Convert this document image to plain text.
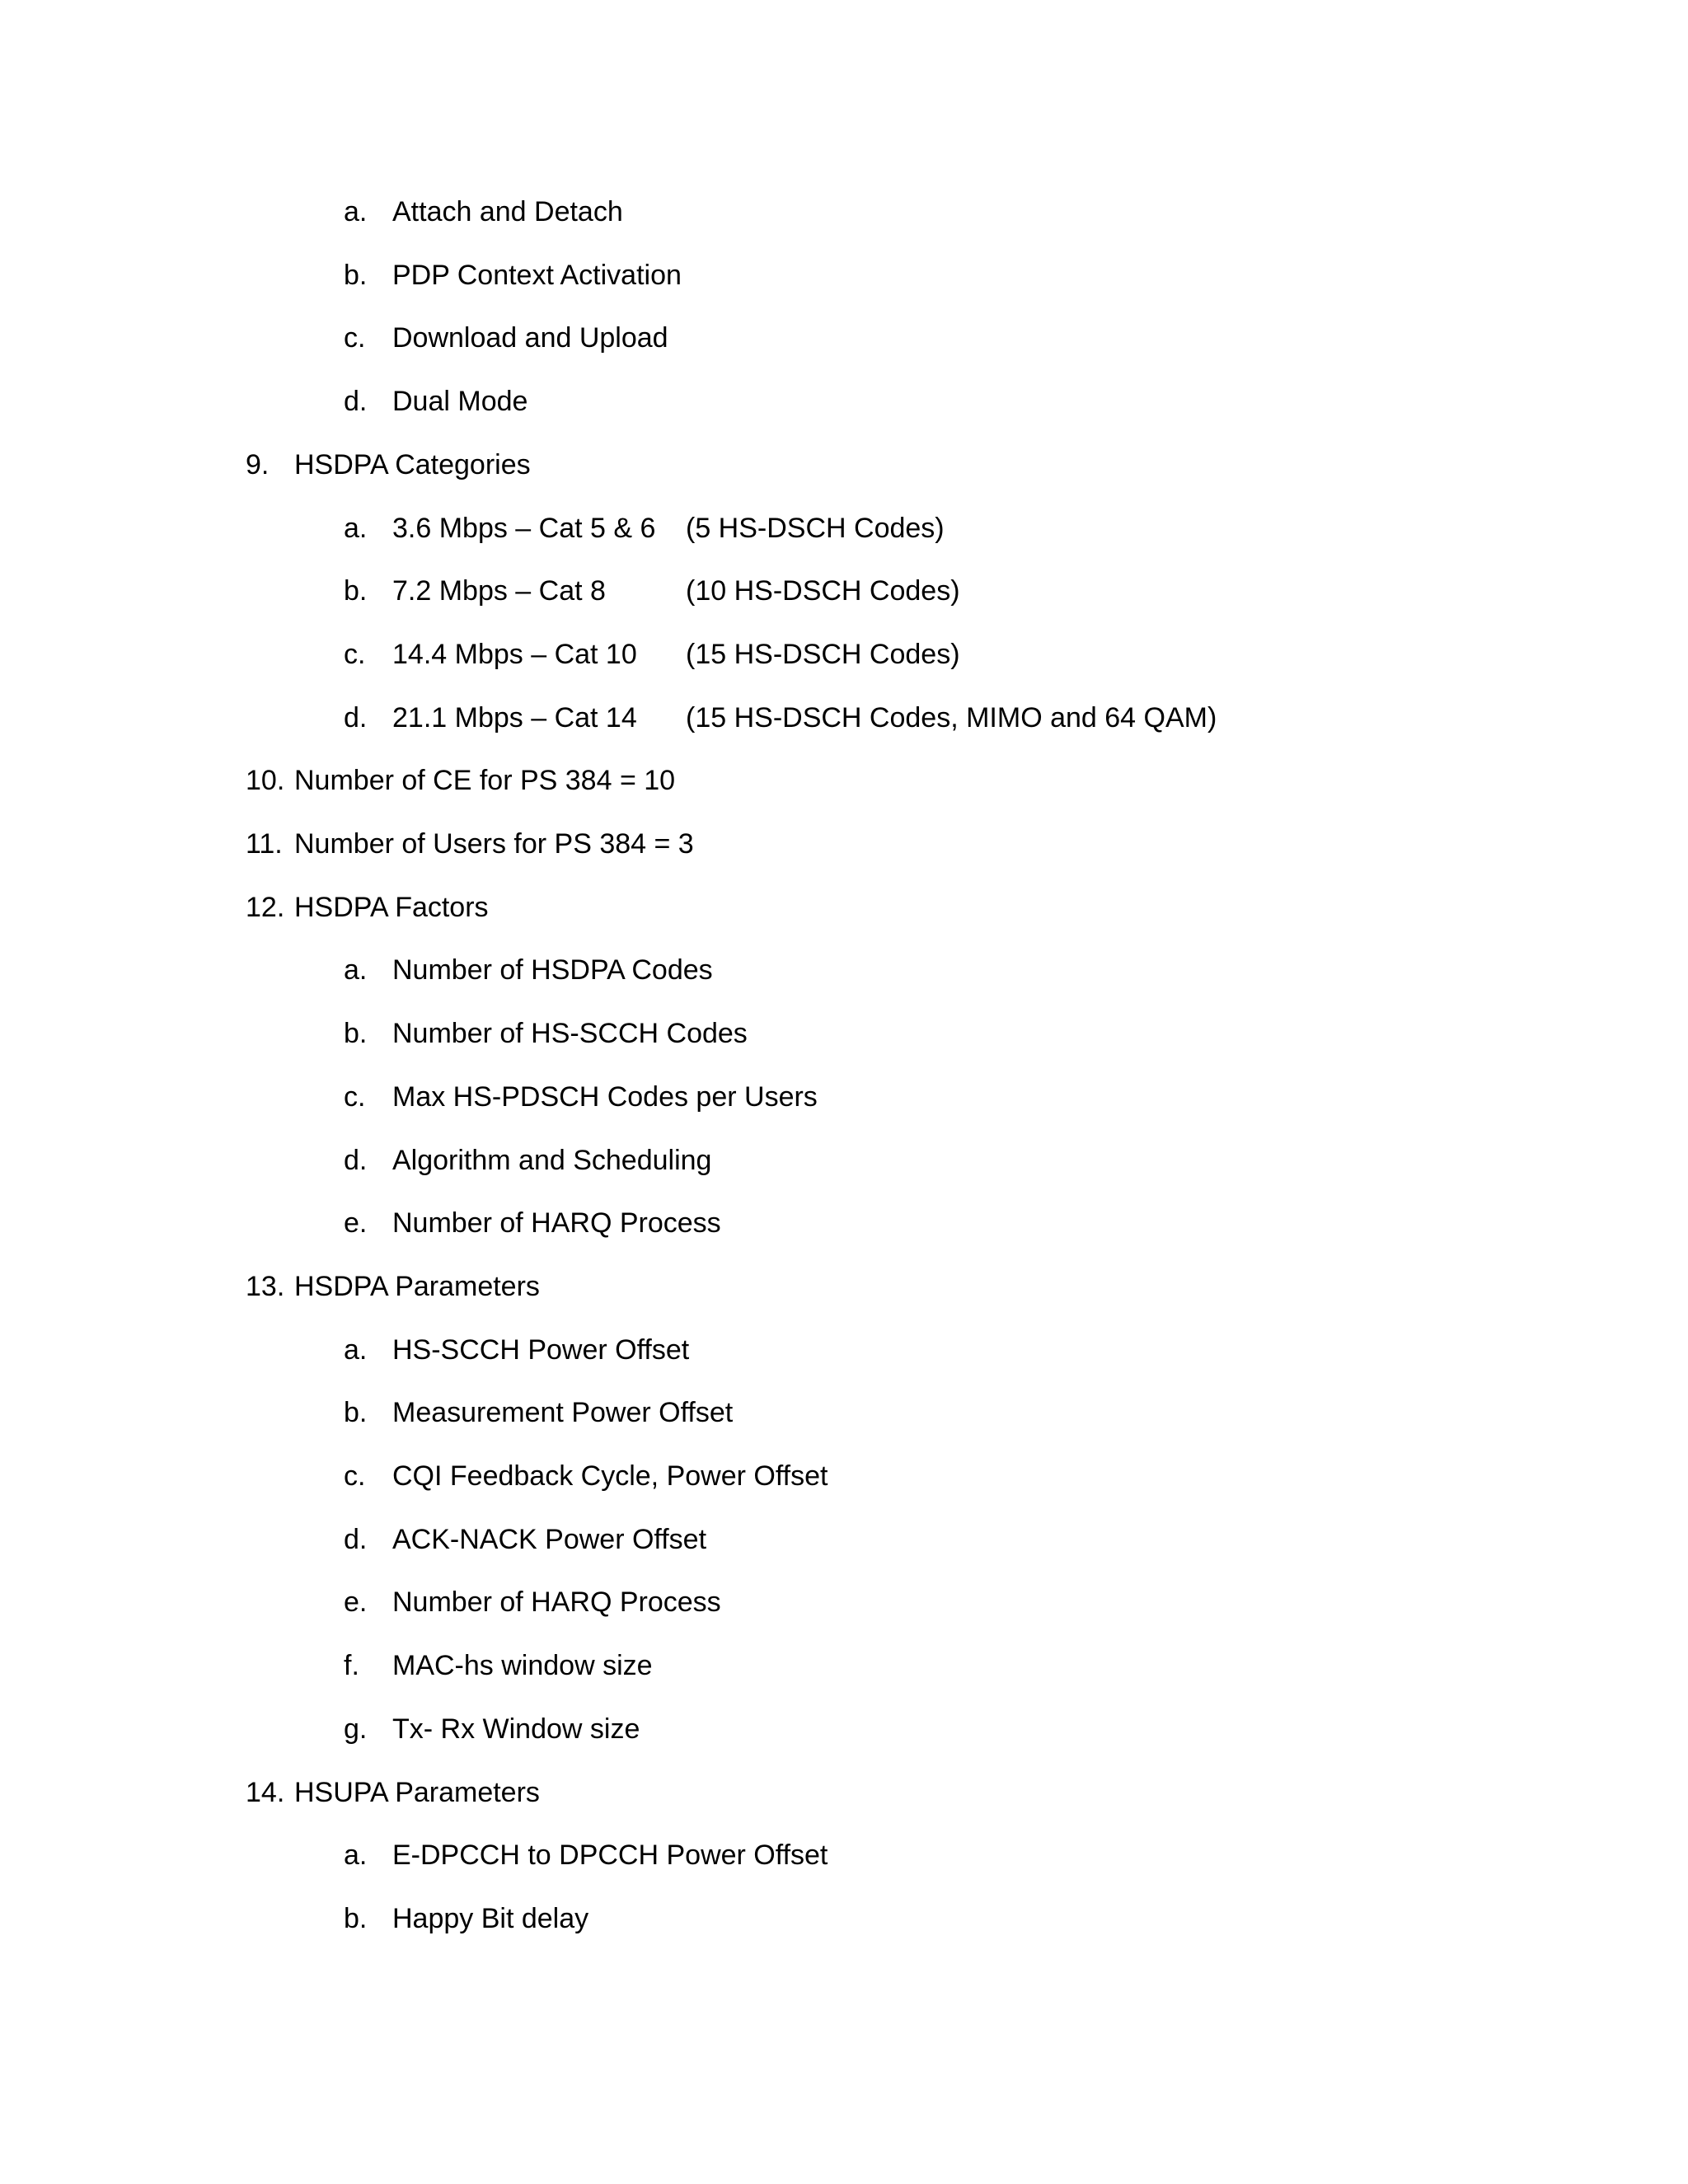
a. Attach and Detach
b. PDP Context Activation
c. Download and Upload
d. Dual Mode
9. HSDPA Categories
a. 3.6 Mbps – Cat 5 & 6 (5 HS-DSCH Codes)
b. 7.2 Mbps – Cat 8	(10 HS-DSCH Codes)
c. 14.4 Mbps – Cat 10 (15 HS-DSCH Codes)
d. 21.1 Mbps – Cat 14 (15 HS-DSCH Codes, MIMO and 64 QAM)
10. Number of CE for PS 384 = 10
11. Number of Users for PS 384 = 3
12. HSDPA Factors
a. Number of HSDPA Codes
b. Number of HS-SCCH Codes
c. Max HS-PDSCH Codes per Users
d. Algorithm and Scheduling
e. Number of HARQ Process
13. HSDPA Parameters
a. HS-SCCH Power Offset
b. Measurement Power Offset
c. CQI Feedback Cycle, Power Offset
d. ACK-NACK Power Offset
e. Number of HARQ Process
f. MAC-hs window size
g. Tx- Rx Window size
14. HSUPA Parameters
a. E-DPCCH to DPCCH Power Offset
b. Happy Bit delay
